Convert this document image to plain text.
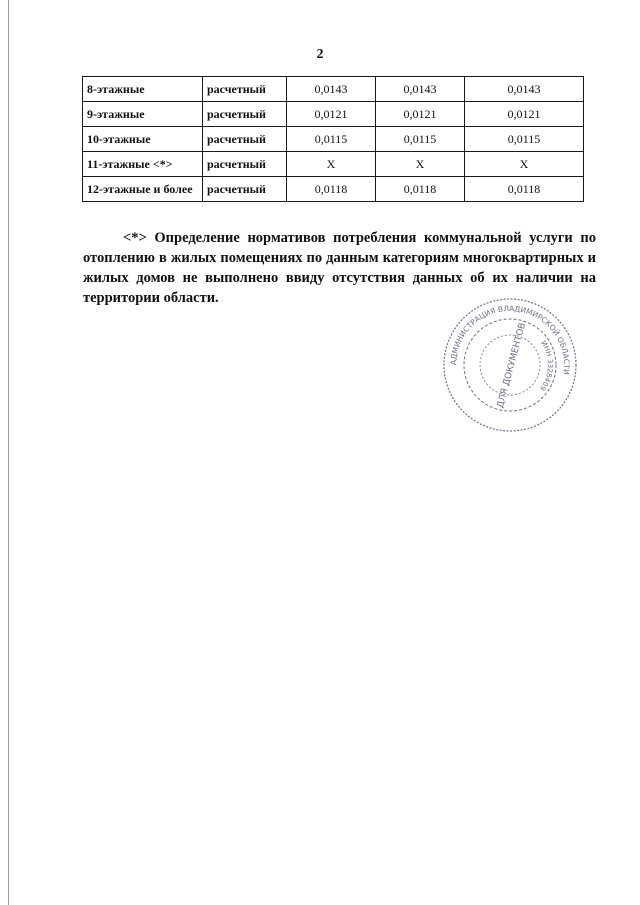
2
8-этажные	расчетный	0,0143	0,0143	0,0143
9-этажные	расчетный	0,0121	0,0121	0,0121
10-этажные	расчетный	0,0115	0,0115	0,0115
11-этажные <*>	расчетный	X	X	X
12-этажные и более	расчетный	0,0118	0,0118	0,0118

<*> Определение нормативов потребления коммунальной услуги по отоплению в жилых помещениях по данным категориям многоквартирных и жилых домов не выполнено ввиду отсутствия данных об их наличии на территории области.

АДМИНИСТРАЦИЯ ВЛАДИМИРСКОЙ ОБЛАСТИ
ИНН 3328409
ДЛЯ ДОКУМЕНТОВ
